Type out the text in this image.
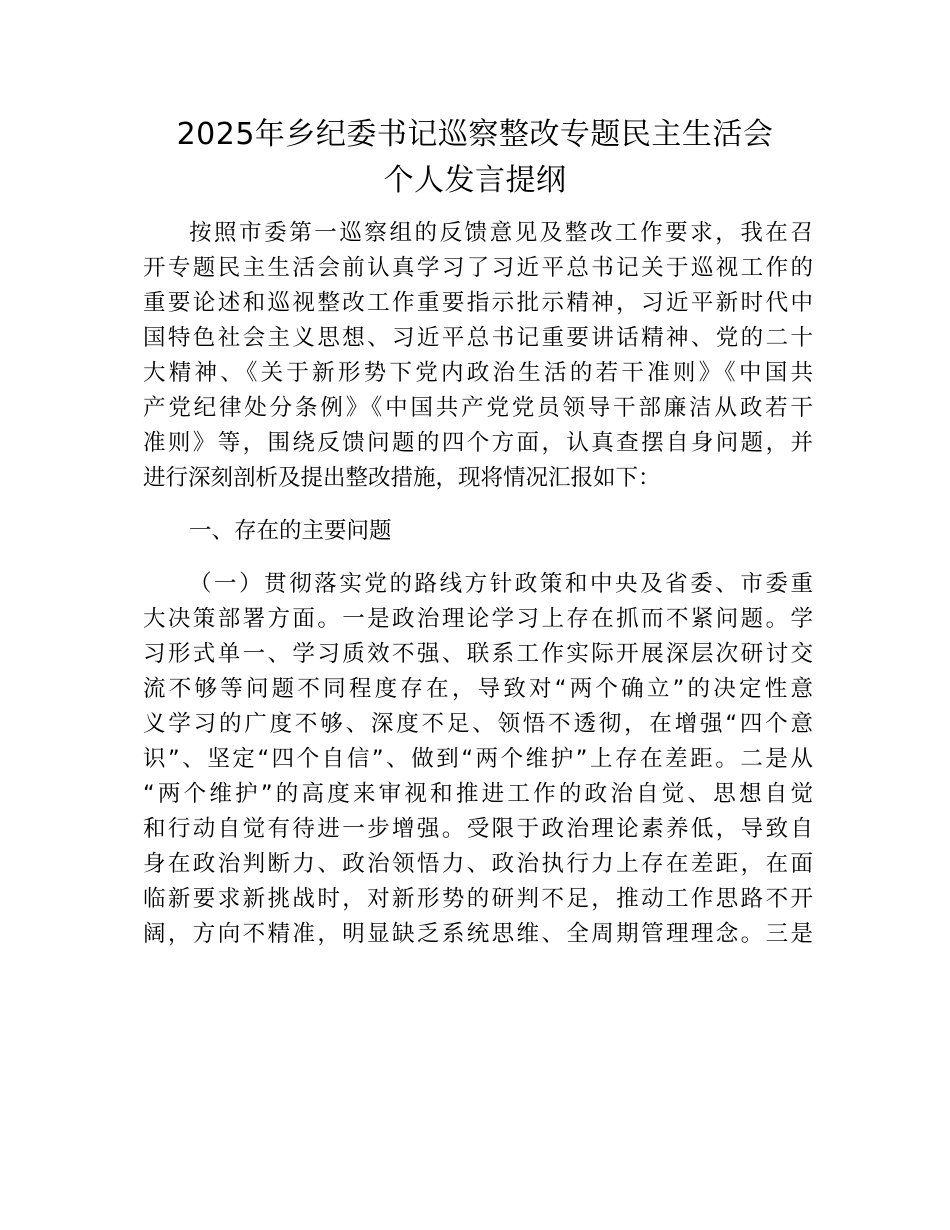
2025年乡纪委书记巡察整改专题民主生活会
个人发言提纲
按照市委第一巡察组的反馈意见及整改工作要求，我在召
开专题民主生活会前认真学习了习近平总书记关于巡视工作的
重要论述和巡视整改工作重要指示批示精神，习近平新时代中
国特色社会主义思想、习近平总书记重要讲话精神、党的二十
大精神、《关于新形势下党内政治生活的若干准则》《中国共
产党纪律处分条例》《中国共产党党员领导干部廉洁从政若干
准则》等，围绕反馈问题的四个方面，认真查摆自身问题，并
进行深刻剖析及提出整改措施，现将情况汇报如下：
一、存在的主要问题
（一）贯彻落实党的路线方针政策和中央及省委、市委重
大决策部署方面。一是政治理论学习上存在抓而不紧问题。学
习形式单一、学习质效不强、联系工作实际开展深层次研讨交
流不够等问题不同程度存在，导致对“两个确立”的决定性意
义学习的广度不够、深度不足、领悟不透彻，在增强“四个意
识”、坚定“四个自信”、做到“两个维护”上存在差距。二是从
“两个维护”的高度来审视和推进工作的政治自觉、思想自觉
和行动自觉有待进一步增强。受限于政治理论素养低，导致自
身在政治判断力、政治领悟力、政治执行力上存在差距，在面
临新要求新挑战时，对新形势的研判不足，推动工作思路不开
阔，方向不精准，明显缺乏系统思维、全周期管理理念。三是
